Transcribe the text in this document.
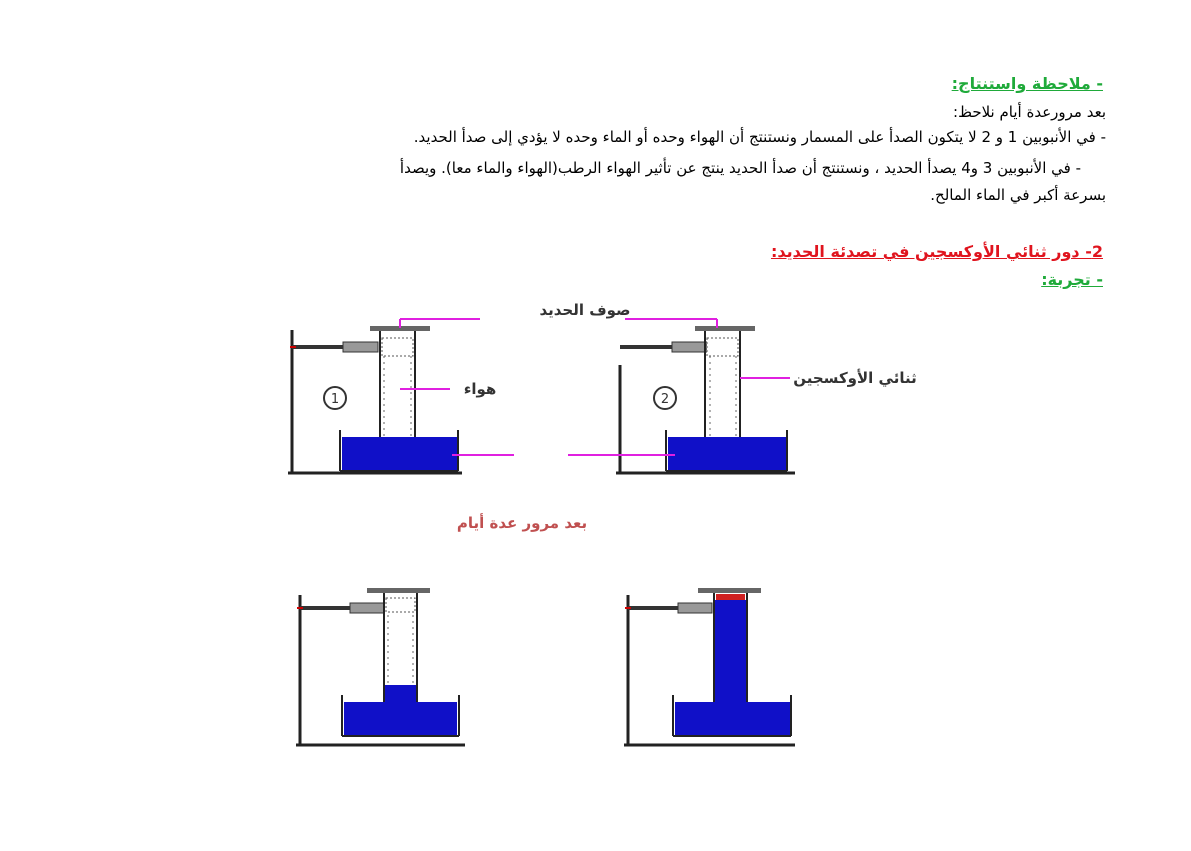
- ملاحظة واستنتاج:
بعد مرورعدة أيام نلاحظ:
- في الأنبوبين 1 و 2 لا يتكون الصدأ على المسمار ونستنتج أن الهواء وحده أو الماء وحده لا يؤدي إلى صدأ الحديد.
- في الأنبوبين 3 و4 يصدأ الحديد ، ونستنتج أن صدأ الحديد ينتج عن تأثير الهواء الرطب(الهواء والماء معا). ويصدأ
بسرعة أكبر في الماء المالح.
2- دور ثنائي الأوكسجين في تصدئة الحديد:
- تجربة:
1	2
صوف الحديد
هواء
ثنائي الأوكسجين
بعد مرور عدة أيام
